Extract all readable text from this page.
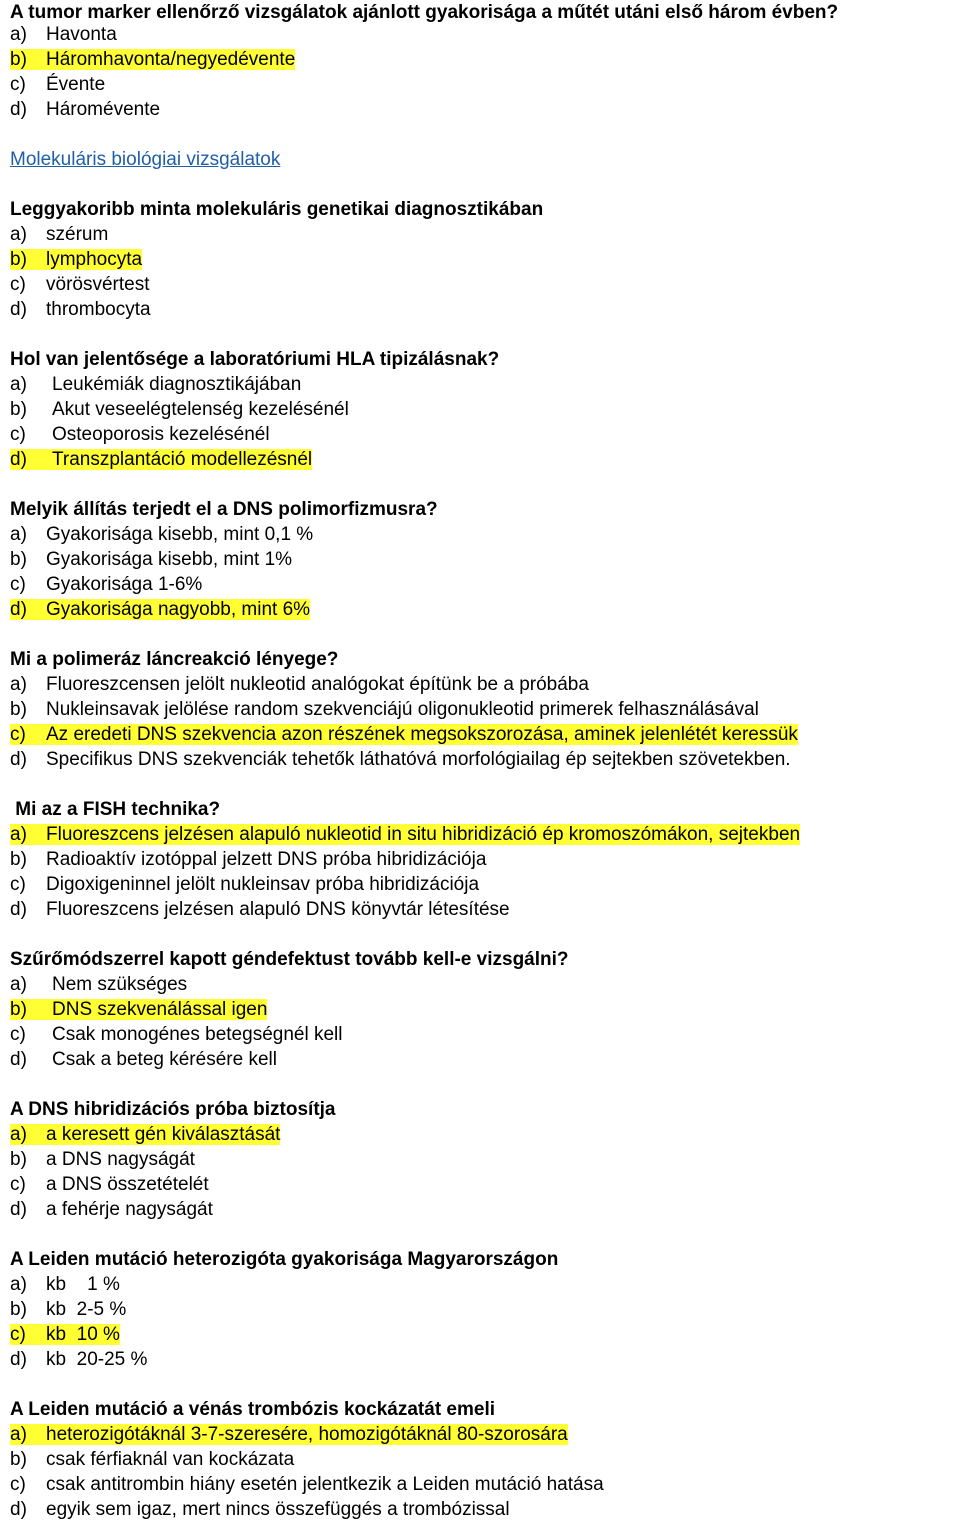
A tumor marker ellenőrző vizsgálatok ajánlott gyakorisága a műtét utáni első három évben?
a) Havonta
b) Háromhavonta/negyedévente
c) Évente
d) Háromévente
Molekuláris biológiai vizsgálatok
Leggyakoribb minta molekuláris genetikai diagnosztikában
a) szérum
b) lymphocyta
c) vörösvértest
d) thrombocyta
Hol van jelentősége a laboratóriumi HLA tipizálásnak?
a) Leukémiák diagnosztikájában
b) Akut veseelégtelenség kezelésénél
c) Osteoporosis kezelésénél
d) Transzplantáció modellezésnél
Melyik állítás terjedt el a DNS polimorfizmusra?
a) Gyakorisága kisebb, mint 0,1 %
b) Gyakorisága kisebb, mint 1%
c) Gyakorisága 1-6%
d) Gyakorisága nagyobb, mint 6%
Mi a polimeráz láncreakció lényege?
a) Fluoreszcensen jelölt nukleotid analógokat építünk be a próbába
b) Nukleinsavak jelölése random szekvenciájú oligonukleotid primerek felhasználásával
c) Az eredeti DNS szekvencia azon részének megsokszorozása, aminek jelenlétét keressük
d) Specifikus DNS szekvenciák tehetők láthatóvá morfológiailag ép sejtekben szövetekben.
Mi az a FISH technika?
a) Fluoreszcens jelzésen alapuló nukleotid in situ hibridizáció ép kromoszómákon, sejtekben
b) Radioaktív izotóppal jelzett DNS próba hibridizációja
c) Digoxigeninnel jelölt nukleinsav próba hibridizációja
d) Fluoreszcens jelzésen alapuló DNS könyvtár létesítése
Szűrőmódszerrel kapott géndefektust tovább kell-e vizsgálni?
a) Nem szükséges
b) DNS szekvenálással igen
c) Csak monogénes betegségnél kell
d) Csak a beteg kérésére kell
A DNS hibridizációs próba biztosítja
a) a keresett gén kiválasztását
b) a DNS nagyságát
c) a DNS összetételét
d) a fehérje nagyságát
A Leiden mutáció heterozigóta gyakorisága Magyarországon
a) kb    1 %
b) kb  2-5 %
c) kb  10 %
d) kb  20-25 %
A Leiden mutáció a vénás trombózis kockázatát emeli
a) heterozigótáknál 3-7-szeresére, homozigótáknál 80-szorosára
b) csak férfiaknál van kockázata
c) csak antitrombin hiány esetén jelentkezik a Leiden mutáció hatása
d) egyik sem igaz, mert nincs összefüggés a trombózissal
